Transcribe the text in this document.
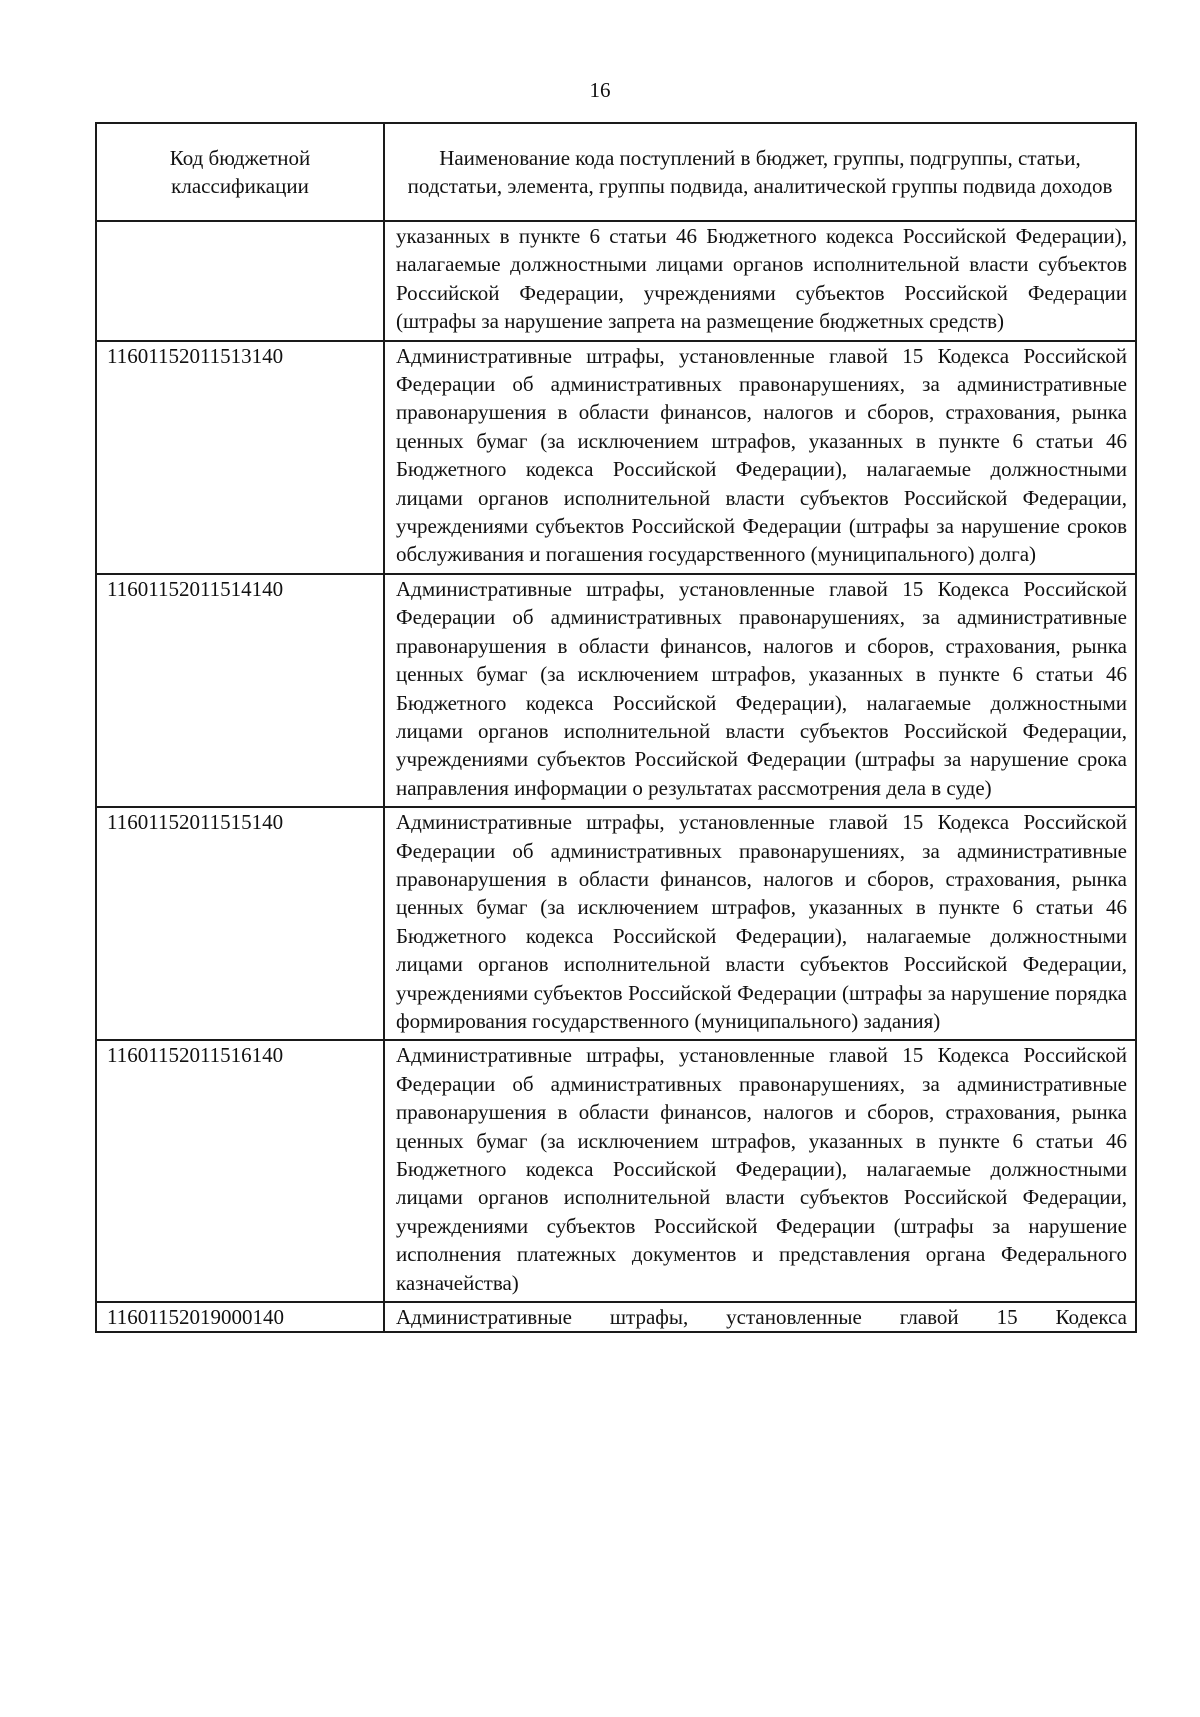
16
Код бюджетной классификации	Наименование кода поступлений в бюджет, группы, подгруппы, статьи, подстатьи, элемента, группы подвида, аналитической группы подвида доходов
	указанных в пункте 6 статьи 46 Бюджетного кодекса Российской Федерации), налагаемые должностными лицами органов исполнительной власти субъектов Российской Федерации, учреждениями субъектов Российской Федерации (штрафы за нарушение запрета на размещение бюджетных средств)
11601152011513140	Административные штрафы, установленные главой 15 Кодекса Российской Федерации об административных правонарушениях, за административные правонарушения в области финансов, налогов и сборов, страхования, рынка ценных бумаг (за исключением штрафов, указанных в пункте 6 статьи 46 Бюджетного кодекса Российской Федерации), налагаемые должностными лицами органов исполнительной власти субъектов Российской Федерации, учреждениями субъектов Российской Федерации (штрафы за нарушение сроков обслуживания и погашения государственного (муниципального) долга)
11601152011514140	Административные штрафы, установленные главой 15 Кодекса Российской Федерации об административных правонарушениях, за административные правонарушения в области финансов, налогов и сборов, страхования, рынка ценных бумаг (за исключением штрафов, указанных в пункте 6 статьи 46 Бюджетного кодекса Российской Федерации), налагаемые должностными лицами органов исполнительной власти субъектов Российской Федерации, учреждениями субъектов Российской Федерации (штрафы за нарушение срока направления информации о результатах рассмотрения дела в суде)
11601152011515140	Административные штрафы, установленные главой 15 Кодекса Российской Федерации об административных правонарушениях, за административные правонарушения в области финансов, налогов и сборов, страхования, рынка ценных бумаг (за исключением штрафов, указанных в пункте 6 статьи 46 Бюджетного кодекса Российской Федерации), налагаемые должностными лицами органов исполнительной власти субъектов Российской Федерации, учреждениями субъектов Российской Федерации (штрафы за нарушение порядка формирования государственного (муниципального) задания)
11601152011516140	Административные штрафы, установленные главой 15 Кодекса Российской Федерации об административных правонарушениях, за административные правонарушения в области финансов, налогов и сборов, страхования, рынка ценных бумаг (за исключением штрафов, указанных в пункте 6 статьи 46 Бюджетного кодекса Российской Федерации), налагаемые должностными лицами органов исполнительной власти субъектов Российской Федерации, учреждениями субъектов Российской Федерации (штрафы за нарушение исполнения платежных документов и представления органа Федерального казначейства)
11601152019000140	Административные штрафы, установленные главой 15 Кодекса
